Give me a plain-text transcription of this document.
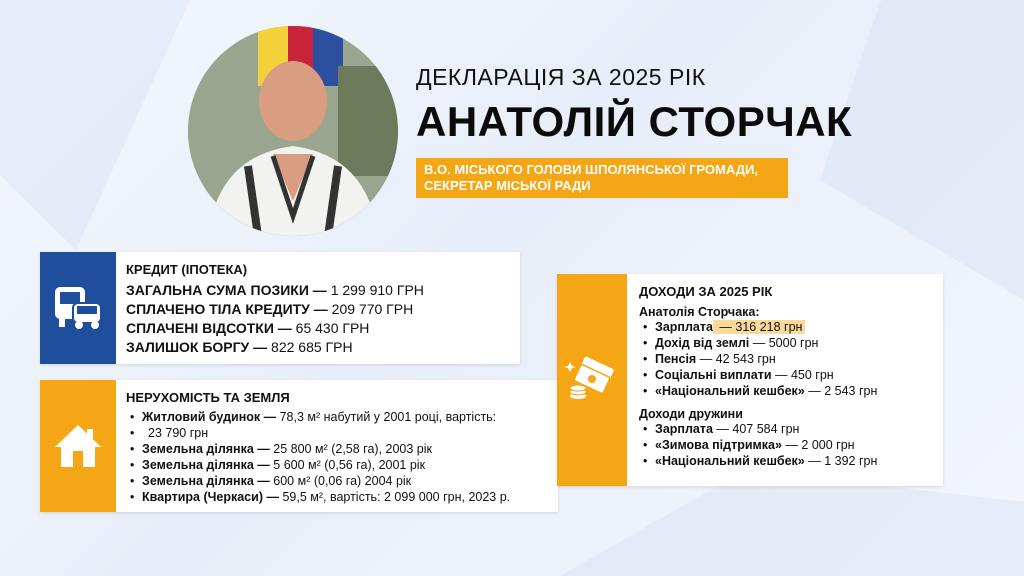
ДЕКЛАРАЦІЯ ЗА 2025 РІК
АНАТОЛІЙ СТОРЧАК
В.О. МІСЬКОГО ГОЛОВИ ШПОЛЯНСЬКОЇ ГРОМАДИ,
СЕКРЕТАР МІСЬКОЇ РАДИ

КРЕДИТ (ІПОТЕКА)

ЗАГАЛЬНА СУМА ПОЗИКИ — 1 299 910 ГРН
СПЛАЧЕНО ТІЛА КРЕДИТУ — 209 770 ГРН
СПЛАЧЕНІ ВІДСОТКИ — 65 430 ГРН
ЗАЛИШОК БОРГУ — 822 685 ГРН

НЕРУХОМІСТЬ ТА ЗЕМЛЯ

• Житловий будинок — 78,3 м² набутий у 2001 році, вартість:
• 23 790 грн
• Земельна ділянка — 25 800 м² (2,58 га), 2003 рік
• Земельна ділянка — 5 600 м² (0,56 га), 2001 рік
• Земельна ділянка — 600 м² (0,06 га) 2004 рік
• Квартира (Черкаси) — 59,5 м², вартість: 2 099 000 грн, 2023 р.

ДОХОДИ ЗА 2025 РІК

Анатолія Сторчака:

• Зарплата — 316 218 грн
• Дохід від землі — 5000 грн
• Пенсія — 42 543 грн
• Соціальні виплати — 450 грн
• «Національний кешбек» — 2 543 грн

Доходи дружини

• Зарплата — 407 584 грн
• «Зимова підтримка» — 2 000 грн
• «Національний кешбек» — 1 392 грн
